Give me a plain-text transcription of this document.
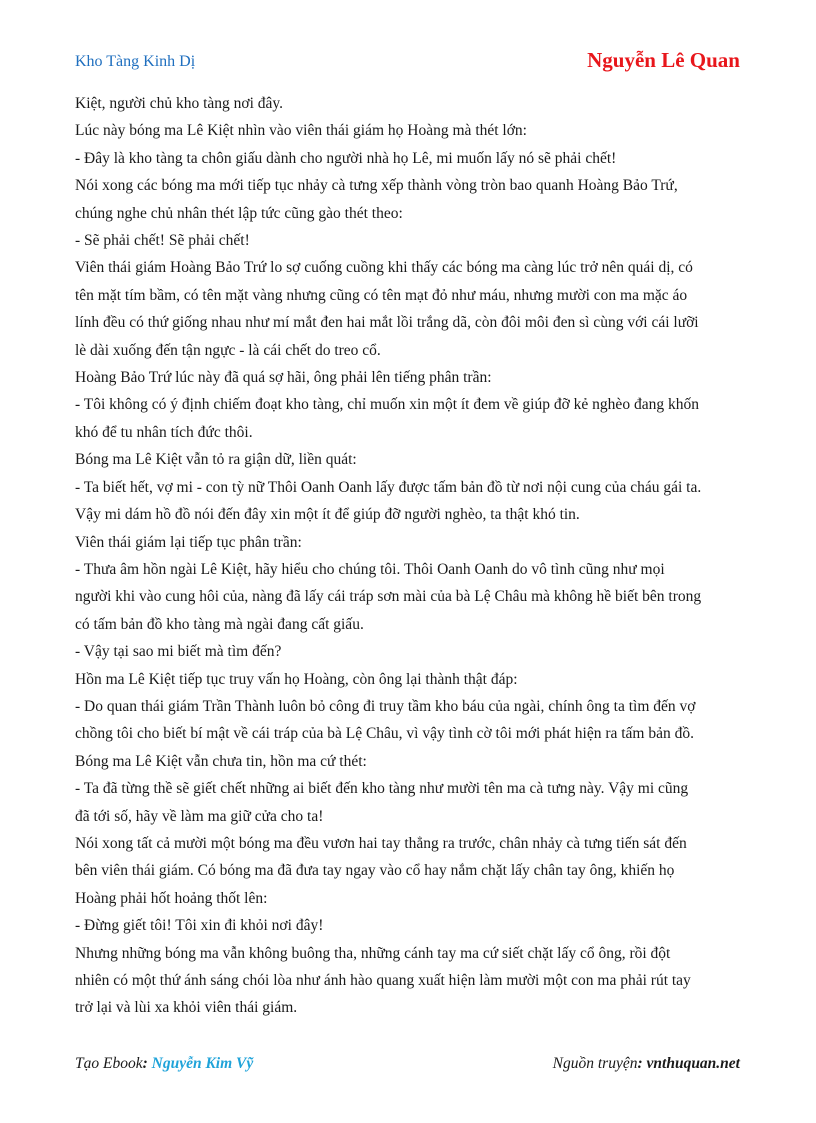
Kho Tàng Kinh Dị	Nguyễn Lê Quan

Kiệt, người chủ kho tàng nơi đây.

Lúc này bóng ma Lê Kiệt nhìn vào viên thái giám họ Hoàng mà thét lớn:

- Đây là kho tàng ta chôn giấu dành cho người nhà họ Lê, mi muốn lấy nó sẽ phải chết!

Nói xong các bóng ma mới tiếp tục nhảy cà tưng xếp thành vòng tròn bao quanh Hoàng Bảo Trứ,

chúng nghe chủ nhân thét lập tức cũng gào thét theo:

- Sẽ phải chết! Sẽ phải chết!

Viên thái giám Hoàng Bảo Trứ lo sợ cuống cuồng khi thấy các bóng ma càng lúc trở nên quái dị, có

tên mặt tím bầm, có tên mặt vàng nhưng cũng có tên mạt đỏ như máu, nhưng mười con ma mặc áo

lính đều có thứ giống nhau như mí mắt đen hai mắt lồi trắng dã, còn đôi môi đen sì cùng với cái lưỡi

lè dài xuống đến tận ngực - là cái chết do treo cổ.

Hoàng Bảo Trứ lúc này đã quá sợ hãi, ông phải lên tiếng phân trần:

- Tôi không có ý định chiếm đoạt kho tàng, chỉ muốn xin một ít đem về giúp đỡ kẻ nghèo đang khốn

khó để tu nhân tích đức thôi.

Bóng ma Lê Kiệt vẫn tỏ ra giận dữ, liền quát:

- Ta biết hết, vợ mi - con tỳ nữ Thôi Oanh Oanh lấy được tấm bản đồ từ nơi nội cung của cháu gái ta.

Vậy mi dám hồ đồ nói đến đây xin một ít để giúp đỡ người nghèo, ta thật khó tin.

Viên thái giám lại tiếp tục phân trần:

- Thưa âm hồn ngài Lê Kiệt, hãy hiểu cho chúng tôi. Thôi Oanh Oanh do vô tình cũng như mọi

người khi vào cung hôi của, nàng đã lấy cái tráp sơn mài của bà Lệ Châu mà không hề biết bên trong

có tấm bản đồ kho tàng mà ngài đang cất giấu.

- Vậy tại sao mi biết mà tìm đến?

Hồn ma Lê Kiệt tiếp tục truy vấn họ Hoàng, còn ông lại thành thật đáp:

- Do quan thái giám Trần Thành luôn bỏ công đi truy tầm kho báu của ngài, chính ông ta tìm đến vợ

chồng tôi cho biết bí mật về cái tráp của bà Lệ Châu, vì vậy tình cờ tôi mới phát hiện ra tấm bản đồ.

Bóng ma Lê Kiệt vẫn chưa tin, hồn ma cứ thét:

- Ta đã từng thề sẽ giết chết những ai biết đến kho tàng như mười tên ma cà tưng này. Vậy mi cũng

đã tới số, hãy về làm ma giữ cửa cho ta!

Nói xong tất cả mười một bóng ma đều vươn hai tay thẳng ra trước, chân nhảy cà tưng tiến sát đến

bên viên thái giám. Có bóng ma đã đưa tay ngay vào cổ hay nắm chặt lấy chân tay ông, khiến họ

Hoàng phải hốt hoảng thốt lên:

- Đừng giết tôi! Tôi xin đi khỏi nơi đây!

Nhưng những bóng ma vẫn không buông tha, những cánh tay ma cứ siết chặt lấy cổ ông, rồi đột

nhiên có một thứ ánh sáng chói lòa như ánh hào quang xuất hiện làm mười một con ma phải rút tay

trở lại và lùi xa khỏi viên thái giám.

Tạo Ebook: Nguyễn Kim Vỹ	Nguồn truyện: vnthuquan.net
